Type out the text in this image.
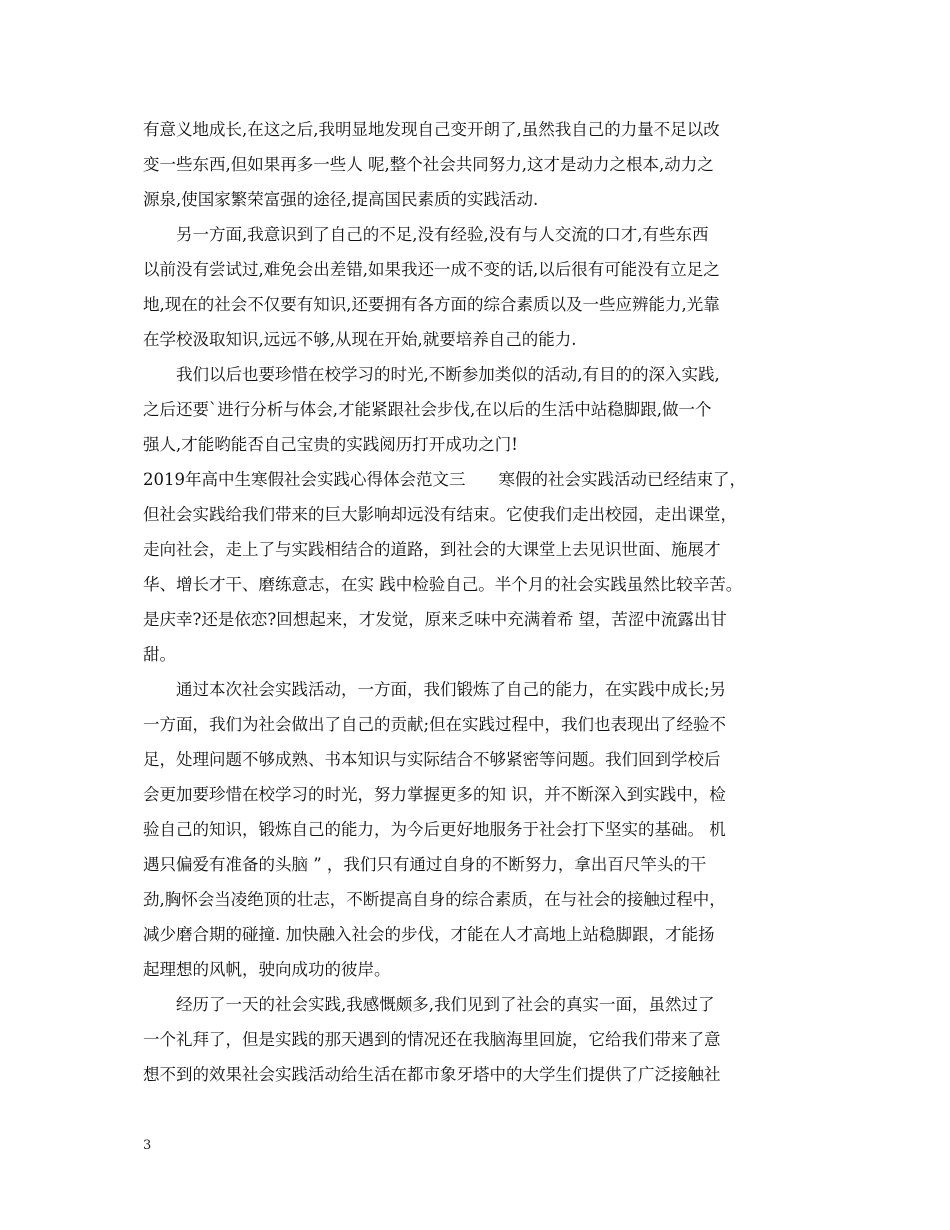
有意义地成长,在这之后,我明显地发现自己变开朗了,虽然我自己的力量不足以改
变一些东西,但如果再多一些人 呢,整个社会共同努力,这才是动力之根本,动力之
源泉,使国家繁荣富强的途径,提高国民素质的实践活动.
　　另一方面,我意识到了自己的不足,没有经验,没有与人交流的口才,有些东西
以前没有尝试过,难免会出差错,如果我还一成不变的话,以后很有可能没有立足之
地,现在的社会不仅要有知识,还要拥有各方面的综合素质以及一些应辨能力,光靠
在学校汲取知识,远远不够,从现在开始,就要培养自己的能力.
　　我们以后也要珍惜在校学习的时光,不断参加类似的活动,有目的的深入实践,
之后还要`进行分析与体会,才能紧跟社会步伐,在以后的生活中站稳脚跟,做一个
强人,才能哟能否自己宝贵的实践阅历打开成功之门!
2019年高中生寒假社会实践心得体会范文三　　寒假的社会实践活动已经结束了，
但社会实践给我们带来的巨大影响却远没有结束。它使我们走出校园，走出课堂，
走向社会，走上了与实践相结合的道路，到社会的大课堂上去见识世面、施展才
华、增长才干、磨练意志，在实 践中检验自己。半个月的社会实践虽然比较辛苦。
是庆幸?还是依恋?回想起来，才发觉，原来乏味中充满着希 望，苦涩中流露出甘
甜。
　　通过本次社会实践活动，一方面，我们锻炼了自己的能力，在实践中成长;另
一方面，我们为社会做出了自己的贡献;但在实践过程中，我们也表现出了经验不
足，处理问题不够成熟、书本知识与实际结合不够紧密等问题。我们回到学校后
会更加要珍惜在校学习的时光，努力掌握更多的知 识，并不断深入到实践中，检
验自己的知识，锻炼自己的能力，为今后更好地服务于社会打下坚实的基础。 机
遇只偏爱有准备的头脑 ” ，我们只有通过自身的不断努力，拿出百尺竿头的干
劲,胸怀会当凌绝顶的壮志，不断提高自身的综合素质，在与社会的接触过程中，
减少磨合期的碰撞. 加快融入社会的步伐，才能在人才高地上站稳脚跟，才能扬
起理想的风帆，驶向成功的彼岸。
　　经历了一天的社会实践,我感慨颇多,我们见到了社会的真实一面，虽然过了
一个礼拜了，但是实践的那天遇到的情况还在我脑海里回旋，它给我们带来了意
想不到的效果社会实践活动给生活在都市象牙塔中的大学生们提供了广泛接触社
3
